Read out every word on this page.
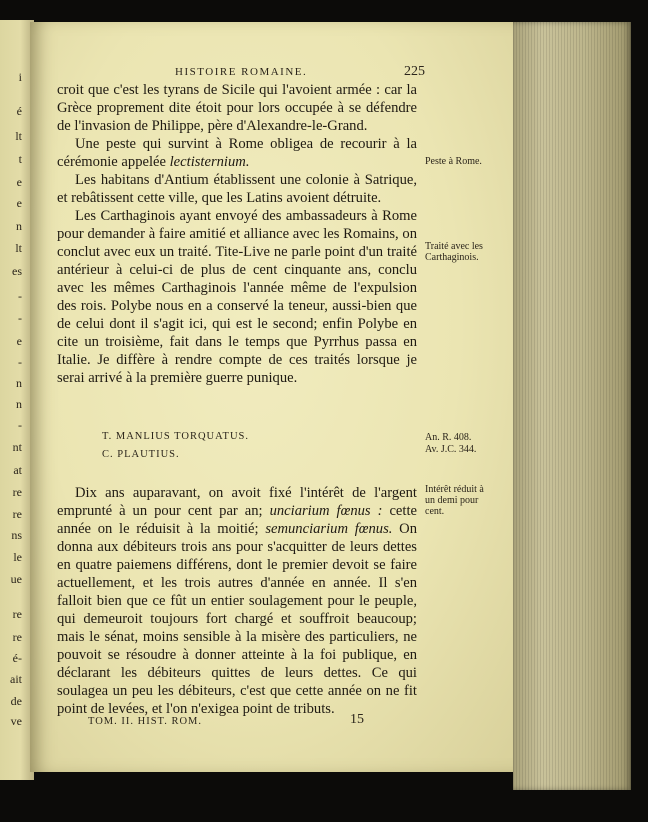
i
é
lt
t
e
e
n
lt
es
-
-
e
-
n
n
-
nt
at
re
re
ns
le
ue
re
re
é-
ait
de
ve
HISTOIRE ROMAINE.	225

croit que c'est les tyrans de Sicile qui l'avoient armée : car la Grèce proprement dite étoit pour lors occupée à se défendre de l'invasion de Philippe, père d'Alexandre-le-Grand.

Une peste qui survint à Rome obligea de recourir à la cérémonie appelée lectisternium.

Les habitans d'Antium établissent une colonie à Satrique, et rebâtissent cette ville, que les Latins avoient détruite.

Les Carthaginois ayant envoyé des ambassadeurs à Rome pour demander à faire amitié et alliance avec les Romains, on conclut avec eux un traité. Tite-Live ne parle point d'un traité antérieur à celui-ci de plus de cent cinquante ans, conclu avec les mêmes Carthaginois l'année même de l'expulsion des rois. Polybe nous en a conservé la teneur, aussi-bien que de celui dont il s'agit ici, qui est le second; enfin Polybe en cite un troisième, fait dans le temps que Pyrrhus passa en Italie. Je diffère à rendre compte de ces traités lorsque je serai arrivé à la première guerre punique.

T. MANLIUS TORQUATUS.
C. PLAUTIUS.

Dix ans auparavant, on avoit fixé l'intérêt de l'argent emprunté à un pour cent par an; unciarium fœnus : cette année on le réduisit à la moitié; semunciarium fœnus. On donna aux débiteurs trois ans pour s'acquitter de leurs dettes en quatre paiemens différens, dont le premier devoit se faire actuellement, et les trois autres d'année en année. Il s'en falloit bien que ce fût un entier soulagement pour le peuple, qui demeuroit toujours fort chargé et souffroit beaucoup; mais le sénat, moins sensible à la misère des particuliers, ne pouvoit se résoudre à donner atteinte à la foi publique, en déclarant les débiteurs quittes de leurs dettes. Ce qui soulagea un peu les débiteurs, c'est que cette année on ne fit point de levées, et l'on n'exigea point de tributs.

Peste à Rome.
Traité avec les Carthaginois.
An. R. 408.
Av. J.C. 344.
Intérêt réduit à un demi pour cent.
TOM. II. HIST. ROM.	15
